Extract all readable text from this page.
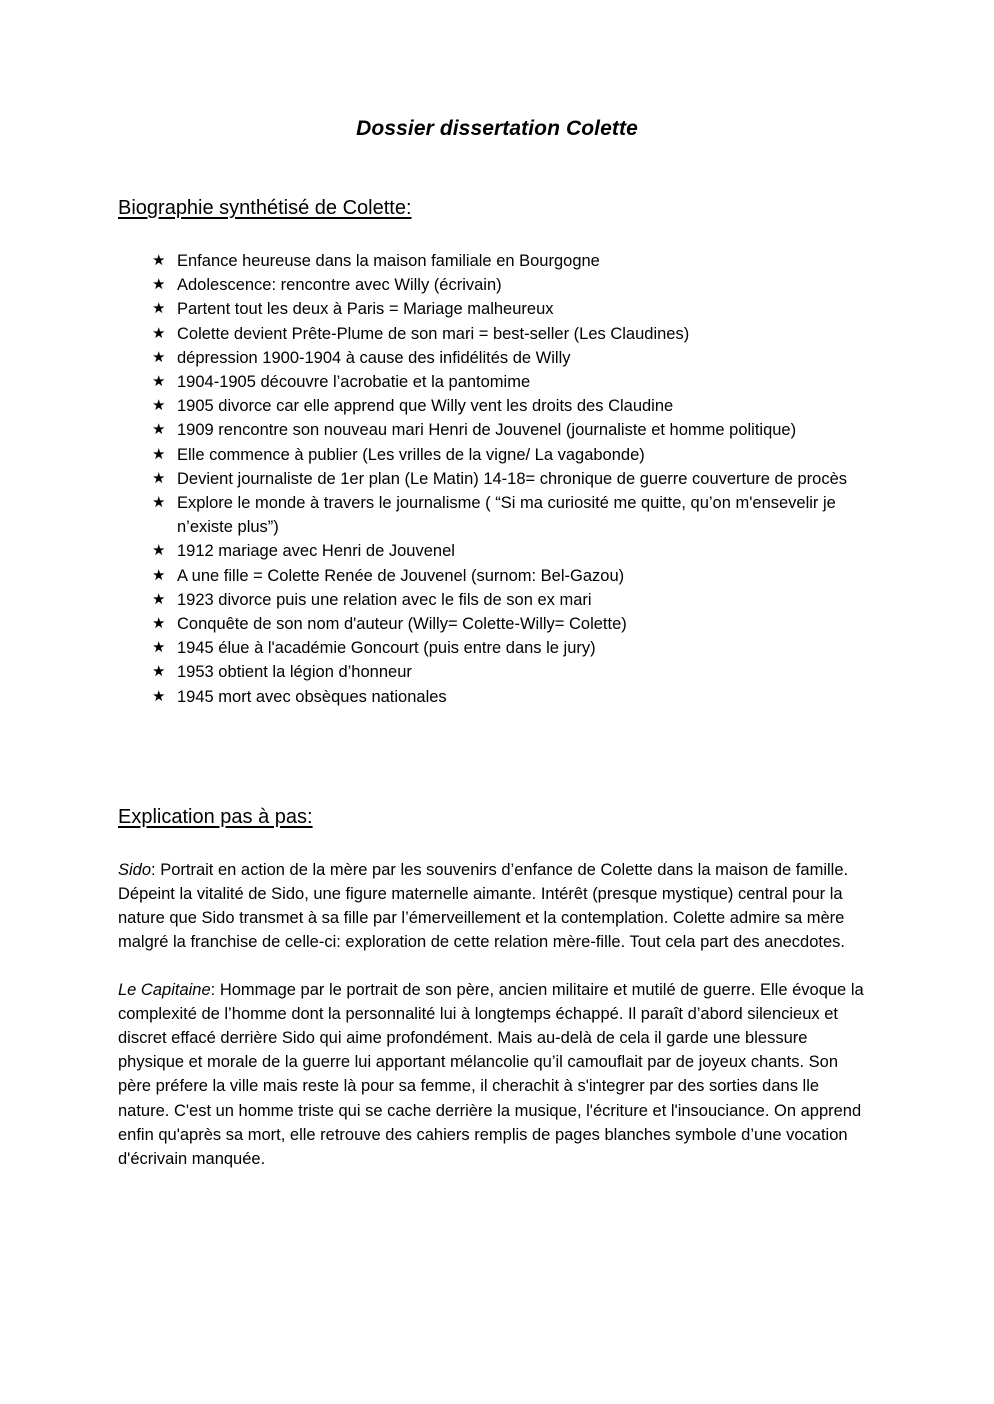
Dossier dissertation Colette
Biographie synthétisé de Colette:
★ Enfance heureuse dans la maison familiale en Bourgogne
★ Adolescence: rencontre avec Willy (écrivain)
★ Partent tout les deux à Paris = Mariage malheureux
★ Colette devient Prête-Plume de son mari = best-seller (Les Claudines)
★ dépression 1900-1904 à cause des infidélités de Willy
★ 1904-1905 découvre l’acrobatie et la pantomime
★ 1905 divorce car elle apprend que Willy vent les droits des Claudine
★ 1909 rencontre son nouveau mari Henri de Jouvenel (journaliste et homme politique)
★ Elle commence à publier (Les vrilles de la vigne/ La vagabonde)
★ Devient journaliste de 1er plan (Le Matin) 14-18= chronique de guerre couverture de procès
★ Explore le monde à travers le journalisme ( “Si ma curiosité me quitte, qu’on m'ensevelir je n’existe plus”)
★ 1912 mariage avec Henri de Jouvenel
★ A une fille = Colette Renée de Jouvenel (surnom: Bel-Gazou)
★ 1923 divorce puis une relation avec le fils de son ex mari
★ Conquête de son nom d'auteur (Willy= Colette-Willy= Colette)
★ 1945 élue à l'académie Goncourt (puis entre dans le jury)
★ 1953 obtient la légion d’honneur
★ 1945 mort avec obsèques nationales
Explication pas à pas:

Sido: Portrait en action de la mère par les souvenirs d’enfance de Colette dans la maison de famille. Dépeint la vitalité de Sido, une figure maternelle aimante. Intérêt (presque mystique) central pour la nature que Sido transmet à sa fille par l’émerveillement et la contemplation. Colette admire sa mère malgré la franchise de celle-ci: exploration de cette relation mère-fille. Tout cela part des anecdotes.

Le Capitaine: Hommage par le portrait de son père, ancien militaire et mutilé de guerre. Elle évoque la complexité de l’homme dont la personnalité lui à longtemps échappé. Il paraît d’abord silencieux et discret effacé derrière Sido qui aime profondément. Mais au-delà de cela il garde une blessure physique et morale de la guerre lui apportant mélancolie qu’il camouflait par de joyeux chants. Son père préfere la ville mais reste là pour sa femme, il cherachit à s'integrer par des sorties dans lle nature. C'est un homme triste qui se cache derrière la musique, l'écriture et l'insouciance. On apprend enfin qu'après sa mort, elle retrouve des cahiers remplis de pages blanches symbole d’une vocation d'écrivain manquée.
